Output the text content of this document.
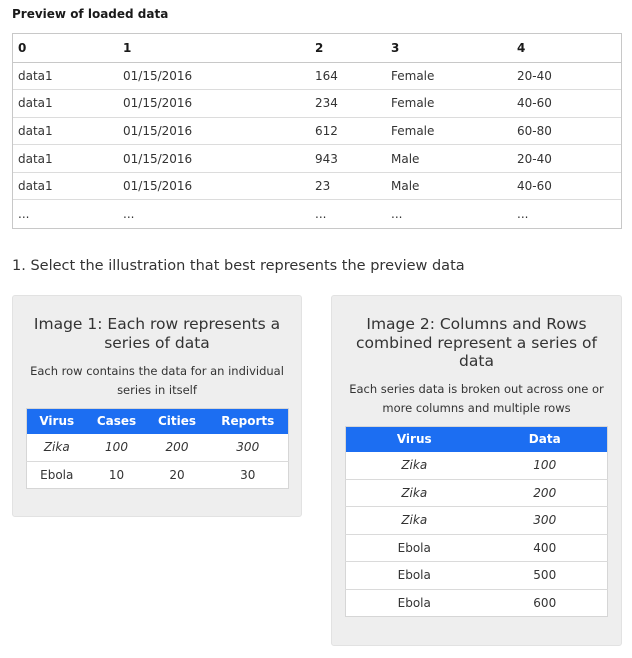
Preview of loaded data
0	1	2	3	4
data1	01/15/2016	164	Female	20-40
data1	01/15/2016	234	Female	40-60
data1	01/15/2016	612	Female	60-80
data1	01/15/2016	943	Male	20-40
data1	01/15/2016	23	Male	40-60
...	...	...	...	...
1. Select the illustration that best represents the preview data
Image 1: Each row represents a series of data
Each row contains the data for an individual series in itself
Virus	Cases	Cities	Reports
Zika	100	200	300
Ebola	10	20	30
Image 2: Columns and Rows combined represent a series of data
Each series data is broken out across one or more columns and multiple rows
Virus	Data
Zika	100
Zika	200
Zika	300
Ebola	400
Ebola	500
Ebola	600
